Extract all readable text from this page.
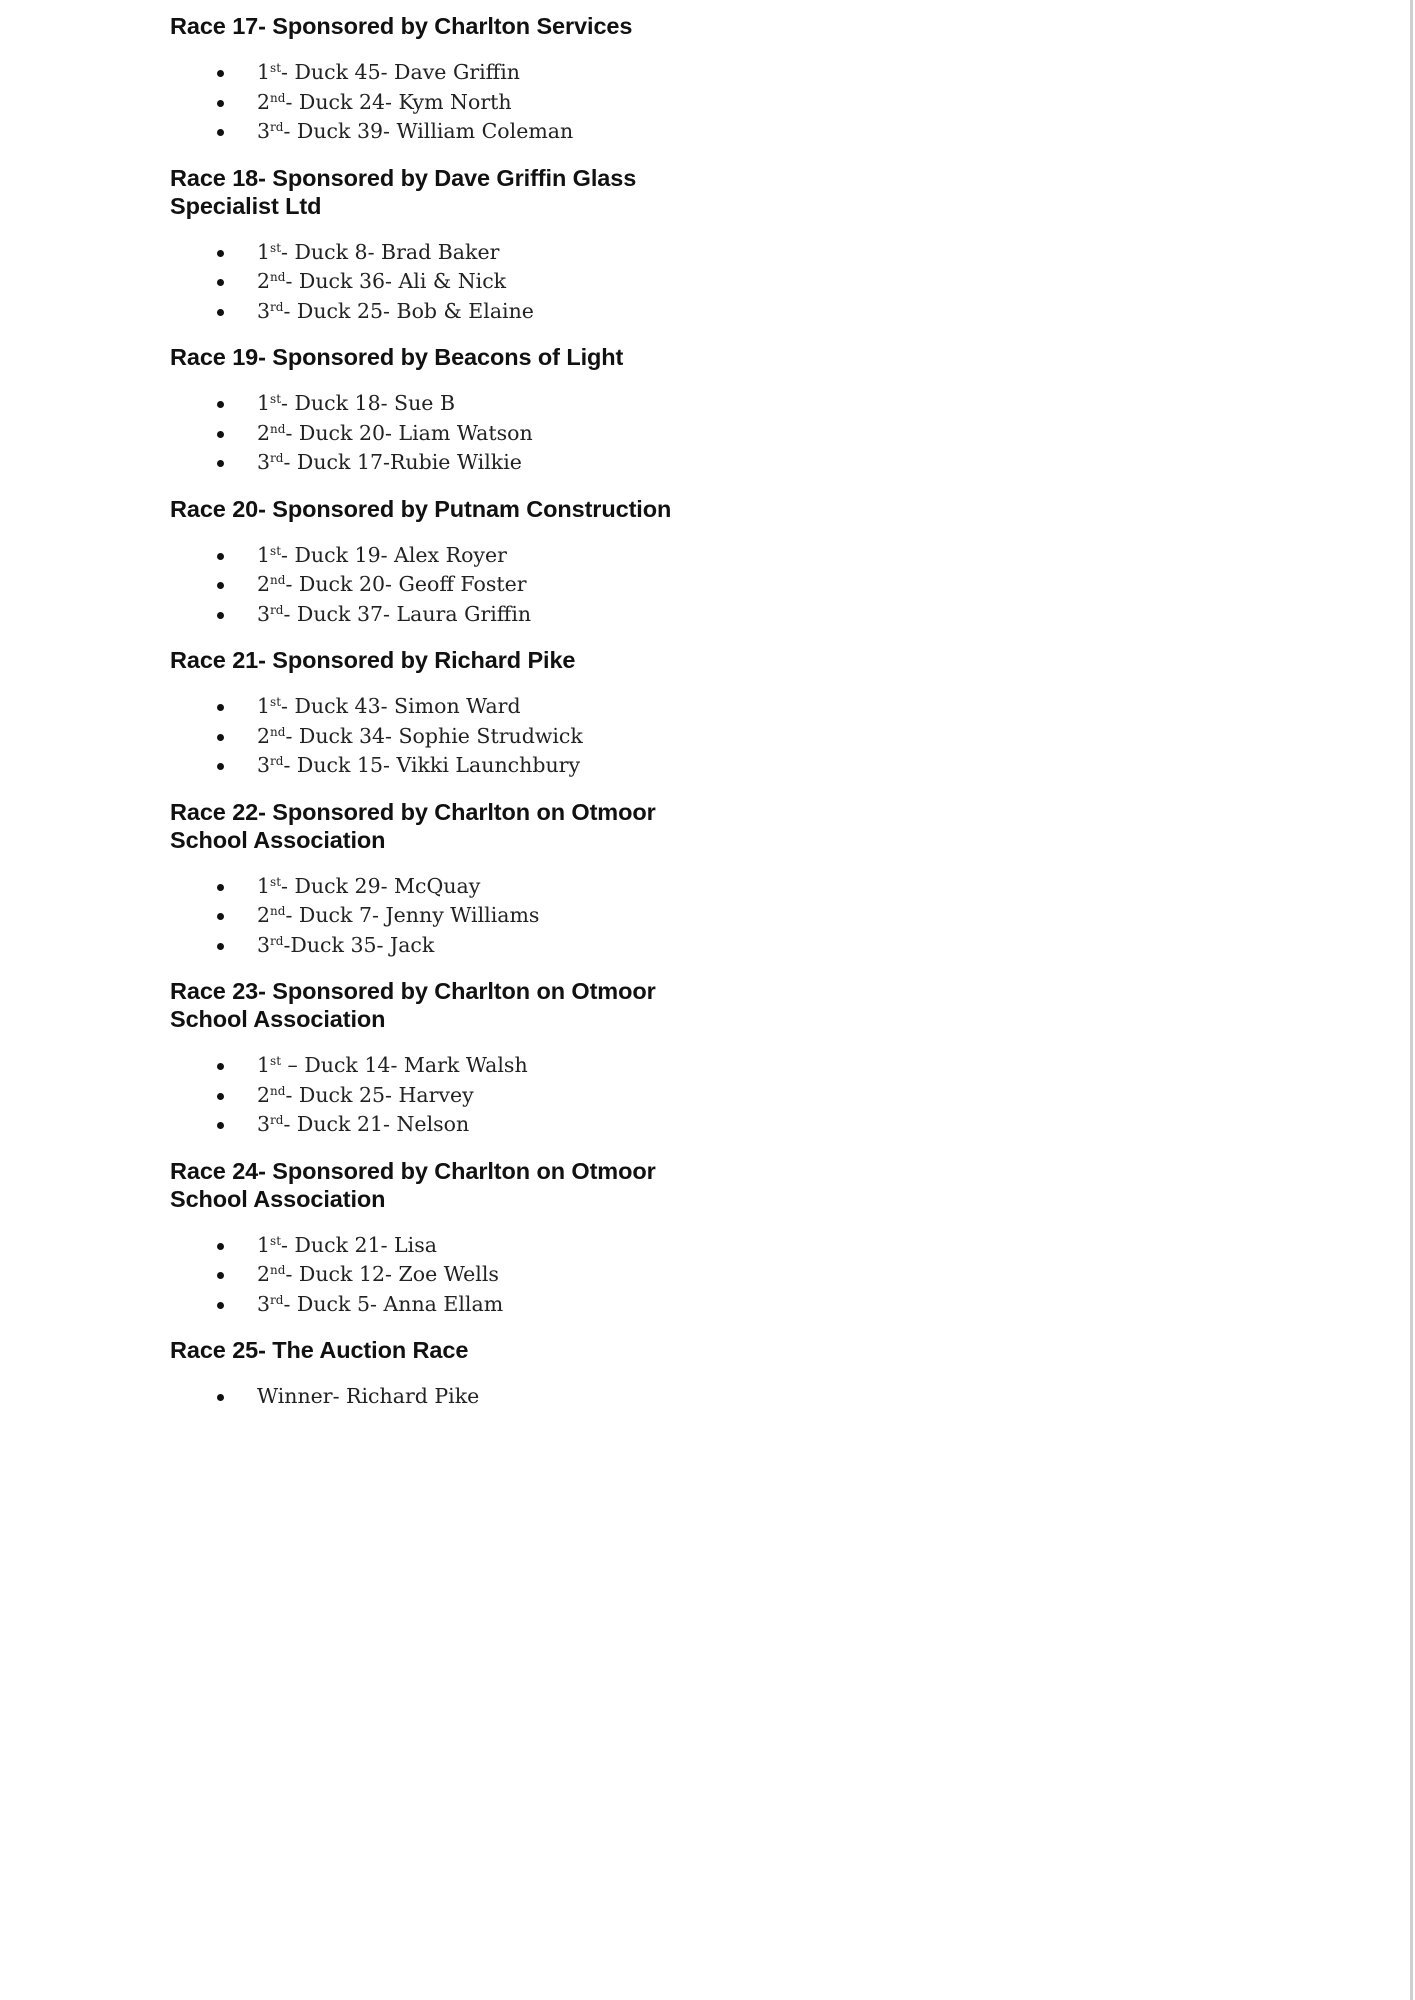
Race 17- Sponsored by Charlton Services
1st- Duck 45- Dave Griffin
2nd- Duck 24- Kym North
3rd- Duck 39- William Coleman
Race 18- Sponsored by Dave Griffin Glass Specialist Ltd
1st- Duck 8- Brad Baker
2nd- Duck 36- Ali & Nick
3rd- Duck 25- Bob & Elaine
Race 19- Sponsored by Beacons of Light
1st- Duck 18- Sue B
2nd- Duck 20- Liam Watson
3rd- Duck 17-Rubie Wilkie
Race 20- Sponsored by Putnam Construction
1st- Duck 19- Alex Royer
2nd- Duck 20- Geoff Foster
3rd- Duck 37- Laura Griffin
Race 21- Sponsored by Richard Pike
1st- Duck 43- Simon Ward
2nd- Duck 34- Sophie Strudwick
3rd- Duck 15- Vikki Launchbury
Race 22- Sponsored by Charlton on Otmoor School Association
1st- Duck 29- McQuay
2nd- Duck 7- Jenny Williams
3rd-Duck 35- Jack
Race 23- Sponsored by Charlton on Otmoor School Association
1st – Duck 14- Mark Walsh
2nd- Duck 25- Harvey
3rd- Duck 21- Nelson
Race 24- Sponsored by Charlton on Otmoor School Association
1st- Duck 21- Lisa
2nd- Duck 12- Zoe Wells
3rd- Duck 5- Anna Ellam
Race 25- The Auction Race
Winner- Richard Pike
